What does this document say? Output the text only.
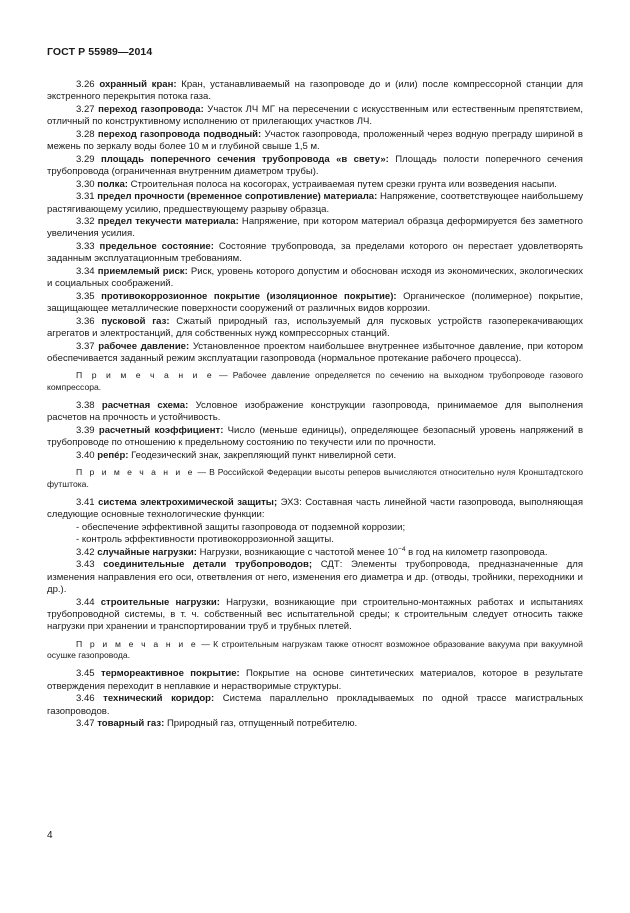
ГОСТ Р 55989—2014

3.26 охранный кран: Кран, устанавливаемый на газопроводе до и (или) после компрессорной станции для экстренного перекрытия потока газа.

3.27 переход газопровода: Участок ЛЧ МГ на пересечении с искусственным или естественным препятствием, отличный по конструктивному исполнению от прилегающих участков ЛЧ.

3.28 переход газопровода подводный: Участок газопровода, проложенный через водную преграду шириной в межень по зеркалу воды более 10 м и глубиной свыше 1,5 м.

3.29 площадь поперечного сечения трубопровода «в свету»: Площадь полости поперечного сечения трубопровода (ограниченная внутренним диаметром трубы).

3.30 полка: Строительная полоса на косогорах, устраиваемая путем срезки грунта или возведения насыпи.

3.31 предел прочности (временное сопротивление) материала: Напряжение, соответствующее наибольшему растягивающему усилию, предшествующему разрыву образца.

3.32 предел текучести материала: Напряжение, при котором материал образца деформируется без заметного увеличения усилия.

3.33 предельное состояние: Состояние трубопровода, за пределами которого он перестает удовлетворять заданным эксплуатационным требованиям.

3.34 приемлемый риск: Риск, уровень которого допустим и обоснован исходя из экономических, экологических и социальных соображений.

3.35 противокоррозионное покрытие (изоляционное покрытие): Органическое (полимерное) покрытие, защищающее металлические поверхности сооружений от различных видов коррозии.

3.36 пусковой газ: Сжатый природный газ, используемый для пусковых устройств газоперекачивающих агрегатов и электростанций, для собственных нужд компрессорных станций.

3.37 рабочее давление: Установленное проектом наибольшее внутреннее избыточное давление, при котором обеспечивается заданный режим эксплуатации газопровода (нормальное протекание рабочего процесса).

П р и м е ч а н и е — Рабочее давление определяется по сечению на выходном трубопроводе газового компрессора.

3.38 расчетная схема: Условное изображение конструкции газопровода, принимаемое для выполнения расчетов на прочность и устойчивость.

3.39 расчетный коэффициент: Число (меньше единицы), определяющее безопасный уровень напряжений в трубопроводе по отношению к предельному состоянию по текучести или по прочности.

3.40 репéр: Геодезический знак, закрепляющий пункт нивелирной сети.

П р и м е ч а н и е — В Российской Федерации высоты реперов вычисляются относительно нуля Кронштадтского футштока.

3.41 система электрохимической защиты; ЭХЗ: Составная часть линейной части газопровода, выполняющая следующие основные технологические функции:

- обеспечение эффективной защиты газопровода от подземной коррозии;

- контроль эффективности противокоррозионной защиты.

3.42 случайные нагрузки: Нагрузки, возникающие с частотой менее $10^{-4}$ в год на километр газопровода.

3.43 соединительные детали трубопроводов; СДТ: Элементы трубопровода, предназначенные для изменения направления его оси, ответвления от него, изменения его диаметра и др. (отводы, тройники, переходники и др.).

3.44 строительные нагрузки: Нагрузки, возникающие при строительно-монтажных работах и испытаниях трубопроводной системы, в т. ч. собственный вес испытательной среды; к строительным следует относить также нагрузки при хранении и транспортировании труб и трубных плетей.

П р и м е ч а н и е — К строительным нагрузкам также относят возможное образование вакуума при вакуумной осушке газопровода.

3.45 термореактивное покрытие: Покрытие на основе синтетических материалов, которое в результате отверждения переходит в неплавкие и нерастворимые структуры.

3.46 технический коридор: Система параллельно прокладываемых по одной трассе магистральных газопроводов.

3.47 товарный газ: Природный газ, отпущенный потребителю.

4
